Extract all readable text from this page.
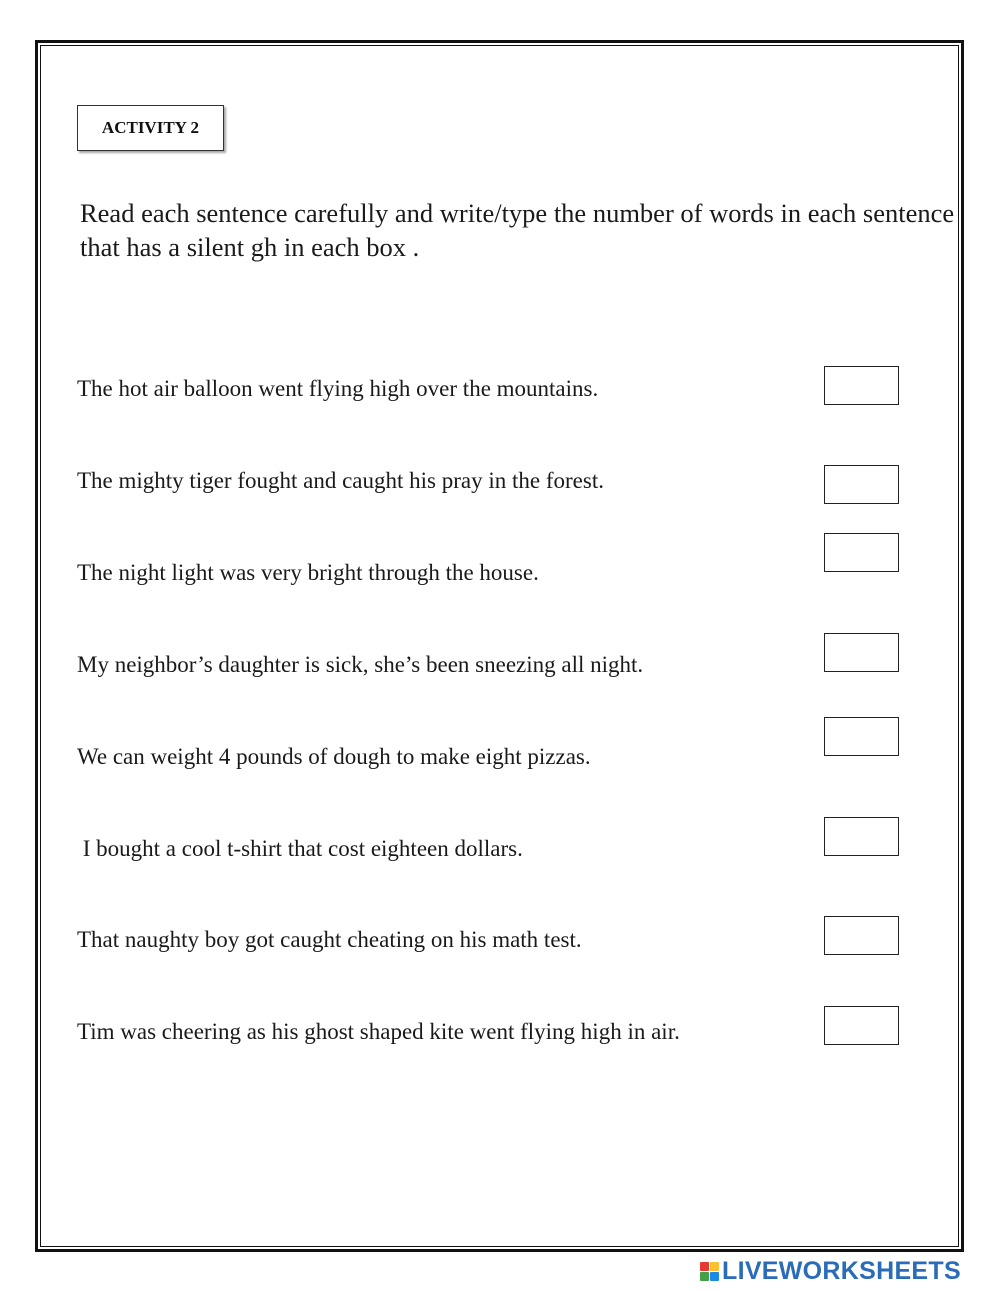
ACTIVITY 2
Read each sentence carefully and write/type the number of words in each sentence that has a silent gh in each box .
The hot air balloon went flying high over the mountains.
The mighty tiger fought and caught his pray in the forest.
The night light was very bright through the house.
My neighbor’s daughter is sick, she’s been sneezing all night.
We can weight 4 pounds of dough to make eight pizzas.
I bought a cool t-shirt that cost eighteen dollars.
That naughty boy got caught cheating on his math test.
Tim was cheering as his ghost shaped kite went flying high in air.
LIVEWORKSHEETS
